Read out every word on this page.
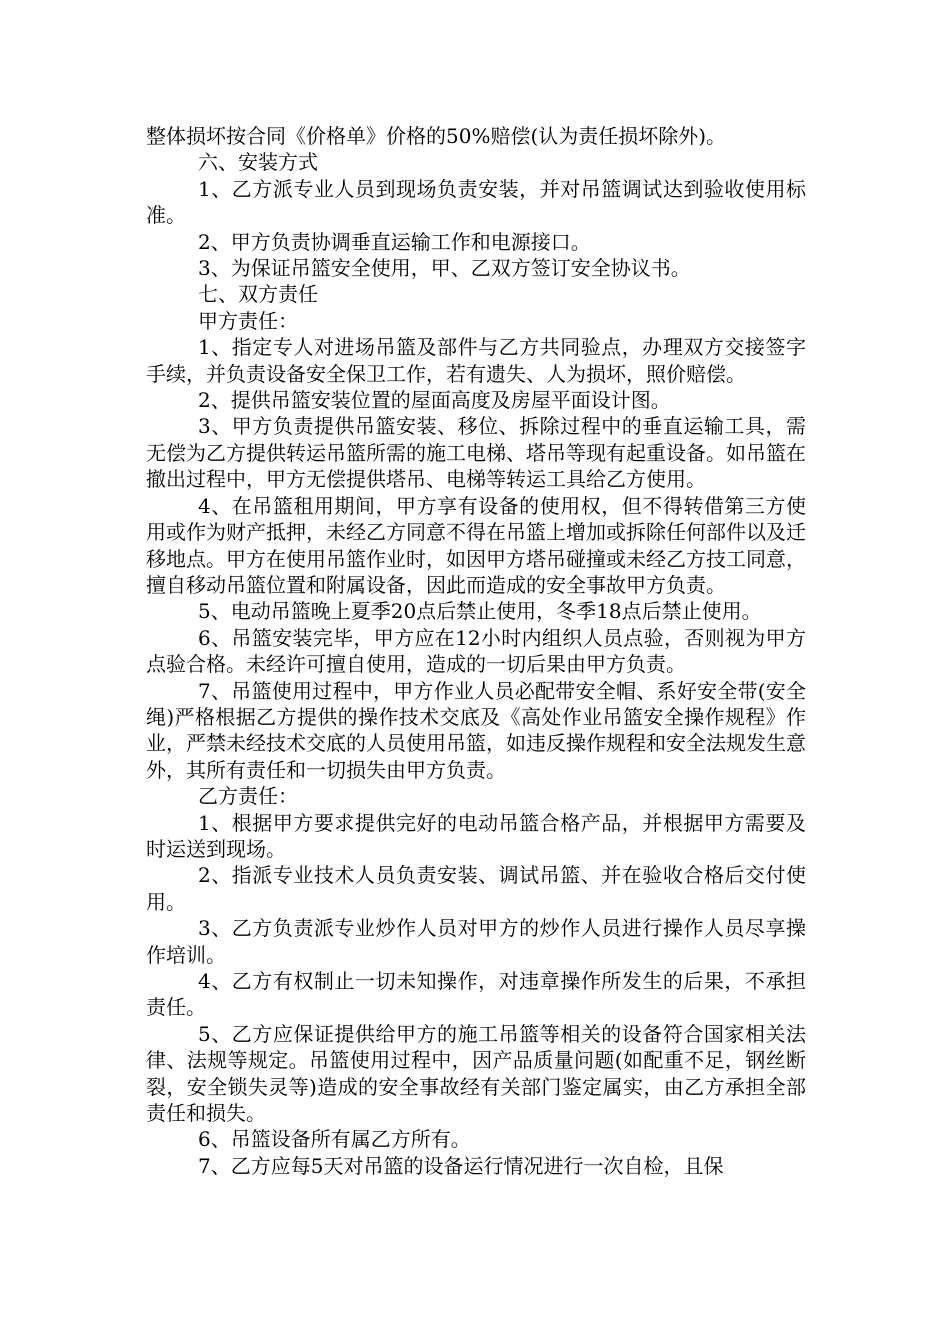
整体损坏按合同《价格单》价格的50%赔偿(认为责任损坏除外)。

六、安装方式

1、乙方派专业人员到现场负责安装，并对吊篮调试达到验收使用标准。

2、甲方负责协调垂直运输工作和电源接口。

3、为保证吊篮安全使用，甲、乙双方签订安全协议书。

七、双方责任

甲方责任：

1、指定专人对进场吊篮及部件与乙方共同验点，办理双方交接签字手续，并负责设备安全保卫工作，若有遗失、人为损坏，照价赔偿。

2、提供吊篮安装位置的屋面高度及房屋平面设计图。

3、甲方负责提供吊篮安装、移位、拆除过程中的垂直运输工具，需无偿为乙方提供转运吊篮所需的施工电梯、塔吊等现有起重设备。如吊篮在撤出过程中，甲方无偿提供塔吊、电梯等转运工具给乙方使用。

4、在吊篮租用期间，甲方享有设备的使用权，但不得转借第三方使用或作为财产抵押，未经乙方同意不得在吊篮上增加或拆除任何部件以及迁移地点。甲方在使用吊篮作业时，如因甲方塔吊碰撞或未经乙方技工同意，擅自移动吊篮位置和附属设备，因此而造成的安全事故甲方负责。

5、电动吊篮晚上夏季20点后禁止使用，冬季18点后禁止使用。

6、吊篮安装完毕，甲方应在12小时内组织人员点验，否则视为甲方点验合格。未经许可擅自使用，造成的一切后果由甲方负责。

7、吊篮使用过程中，甲方作业人员必配带安全帽、系好安全带(安全绳)严格根据乙方提供的操作技术交底及《高处作业吊篮安全操作规程》作业，严禁未经技术交底的人员使用吊篮，如违反操作规程和安全法规发生意外，其所有责任和一切损失由甲方负责。

乙方责任：

1、根据甲方要求提供完好的电动吊篮合格产品，并根据甲方需要及时运送到现场。

2、指派专业技术人员负责安装、调试吊篮、并在验收合格后交付使用。

3、乙方负责派专业炒作人员对甲方的炒作人员进行操作人员尽享操作培训。

4、乙方有权制止一切未知操作，对违章操作所发生的后果，不承担责任。

5、乙方应保证提供给甲方的施工吊篮等相关的设备符合国家相关法律、法规等规定。吊篮使用过程中，因产品质量问题(如配重不足，钢丝断裂，安全锁失灵等)造成的安全事故经有关部门鉴定属实，由乙方承担全部责任和损失。

6、吊篮设备所有属乙方所有。

7、乙方应每5天对吊篮的设备运行情况进行一次自检，且保
